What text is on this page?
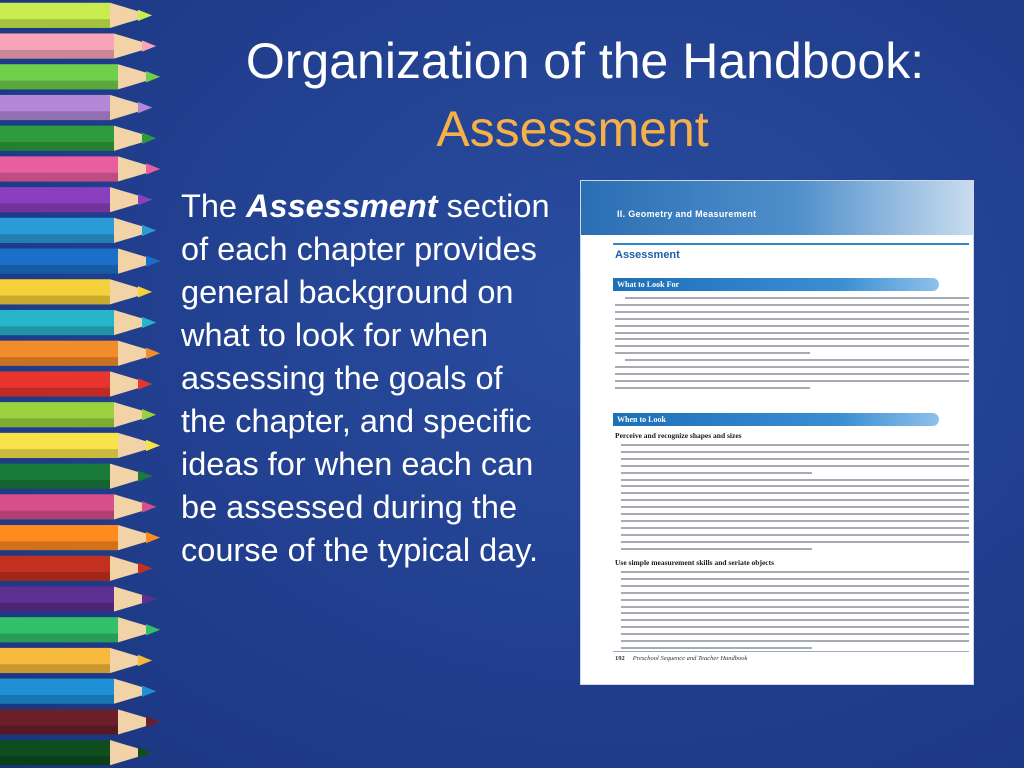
Organization of the Handbook:
Assessment
The Assessment section of each chapter provides general background on what to look for when assessing the goals of the chapter, and specific ideas for when each can be assessed during the course of the typical day.
II. Geometry and Measurement
Assessment
What to Look For
When to Look
Perceive and recognize shapes and sizes
Use simple measurement skills and seriate objects
192 Preschool Sequence and Teacher Handbook
